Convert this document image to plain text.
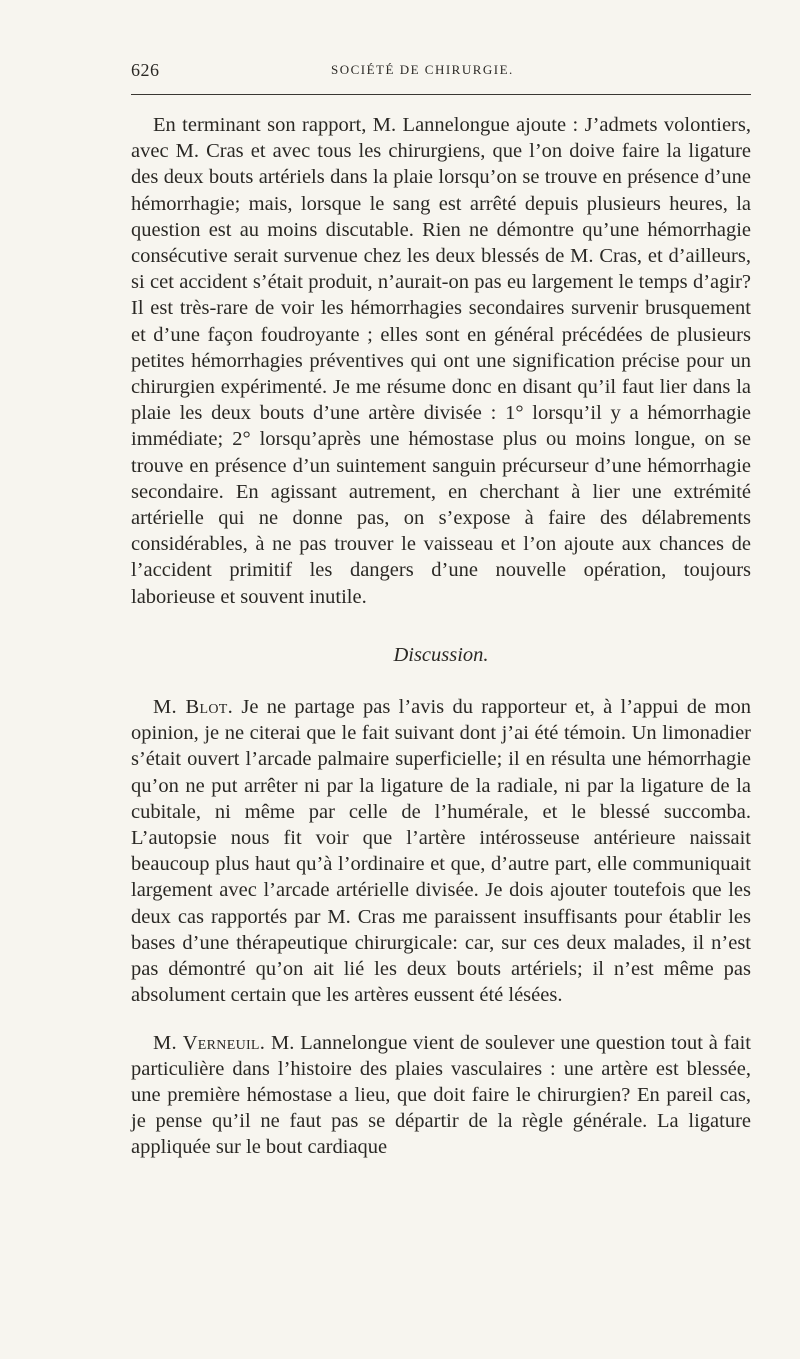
626	SOCIÉTÉ DE CHIRURGIE.

En terminant son rapport, M. Lannelongue ajoute : J’admets volontiers, avec M. Cras et avec tous les chirurgiens, que l’on doive faire la ligature des deux bouts artériels dans la plaie lorsqu’on se trouve en présence d’une hémorrhagie; mais, lorsque le sang est arrêté depuis plusieurs heures, la question est au moins discutable. Rien ne démontre qu’une hémorrhagie consécutive serait survenue chez les deux blessés de M. Cras, et d’ailleurs, si cet accident s’était produit, n’aurait-on pas eu largement le temps d’agir? Il est très-rare de voir les hémorrhagies secondaires survenir brusquement et d’une façon foudroyante ; elles sont en général précédées de plusieurs petites hémorrhagies préventives qui ont une signification précise pour un chirurgien expérimenté. Je me résume donc en disant qu’il faut lier dans la plaie les deux bouts d’une artère divisée : 1° lorsqu’il y a hémorrhagie immédiate; 2° lorsqu’après une hémostase plus ou moins longue, on se trouve en présence d’un suintement sanguin précurseur d’une hémorrhagie secondaire. En agissant autrement, en cherchant à lier une extrémité artérielle qui ne donne pas, on s’expose à faire des délabrements considérables, à ne pas trouver le vaisseau et l’on ajoute aux chances de l’accident primitif les dangers d’une nouvelle opération, toujours laborieuse et souvent inutile.

Discussion.

M. Blot. Je ne partage pas l’avis du rapporteur et, à l’appui de mon opinion, je ne citerai que le fait suivant dont j’ai été témoin. Un limonadier s’était ouvert l’arcade palmaire superficielle; il en résulta une hémorrhagie qu’on ne put arrêter ni par la ligature de la radiale, ni par la ligature de la cubitale, ni même par celle de l’humérale, et le blessé succomba. L’autopsie nous fit voir que l’artère intérosseuse antérieure naissait beaucoup plus haut qu’à l’ordinaire et que, d’autre part, elle communiquait largement avec l’arcade artérielle divisée. Je dois ajouter toutefois que les deux cas rapportés par M. Cras me paraissent insuffisants pour établir les bases d’une thérapeutique chirurgicale: car, sur ces deux malades, il n’est pas démontré qu’on ait lié les deux bouts artériels; il n’est même pas absolument certain que les artères eussent été lésées.

M. Verneuil. M. Lannelongue vient de soulever une question tout à fait particulière dans l’histoire des plaies vasculaires : une artère est blessée, une première hémostase a lieu, que doit faire le chirurgien? En pareil cas, je pense qu’il ne faut pas se départir de la règle générale. La ligature appliquée sur le bout cardiaque
